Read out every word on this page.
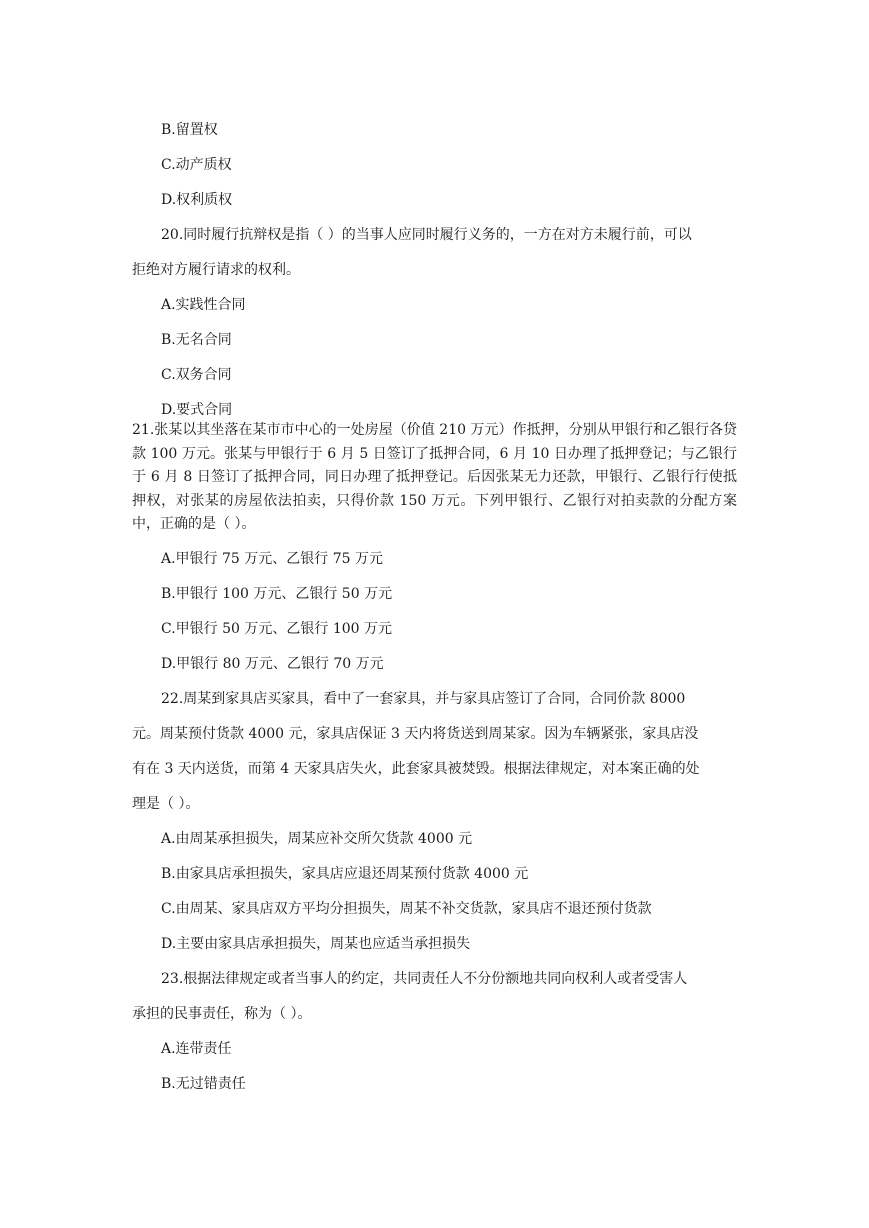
B.留置权
C.动产质权
D.权利质权
20.同时履行抗辩权是指（ ）的当事人应同时履行义务的，一方在对方未履行前，可以
拒绝对方履行请求的权利。
A.实践性合同
B.无名合同
C.双务合同
D.要式合同
21.张某以其坐落在某市市中心的一处房屋（价值 210 万元）作抵押，分别从甲银行和乙银行各贷款 100 万元。张某与甲银行于 6 月 5 日签订了抵押合同，6 月 10 日办理了抵押登记；与乙银行于 6 月 8 日签订了抵押合同，同日办理了抵押登记。后因张某无力还款，甲银行、乙银行行使抵押权，对张某的房屋依法拍卖，只得价款 150 万元。下列甲银行、乙银行对拍卖款的分配方案中，正确的是（ ）。
A.甲银行 75 万元、乙银行 75 万元
B.甲银行 100 万元、乙银行 50 万元
C.甲银行 50 万元、乙银行 100 万元
D.甲银行 80 万元、乙银行 70 万元
22.周某到家具店买家具，看中了一套家具，并与家具店签订了合同，合同价款 8000
元。周某预付货款 4000 元，家具店保证 3 天内将货送到周某家。因为车辆紧张，家具店没
有在 3 天内送货，而第 4 天家具店失火，此套家具被焚毁。根据法律规定，对本案正确的处
理是（ ）。
A.由周某承担损失，周某应补交所欠货款 4000 元
B.由家具店承担损失，家具店应退还周某预付货款 4000 元
C.由周某、家具店双方平均分担损失，周某不补交货款，家具店不退还预付货款
D.主要由家具店承担损失，周某也应适当承担损失
23.根据法律规定或者当事人的约定，共同责任人不分份额地共同向权利人或者受害人
承担的民事责任，称为（ ）。
A.连带责任
B.无过错责任
